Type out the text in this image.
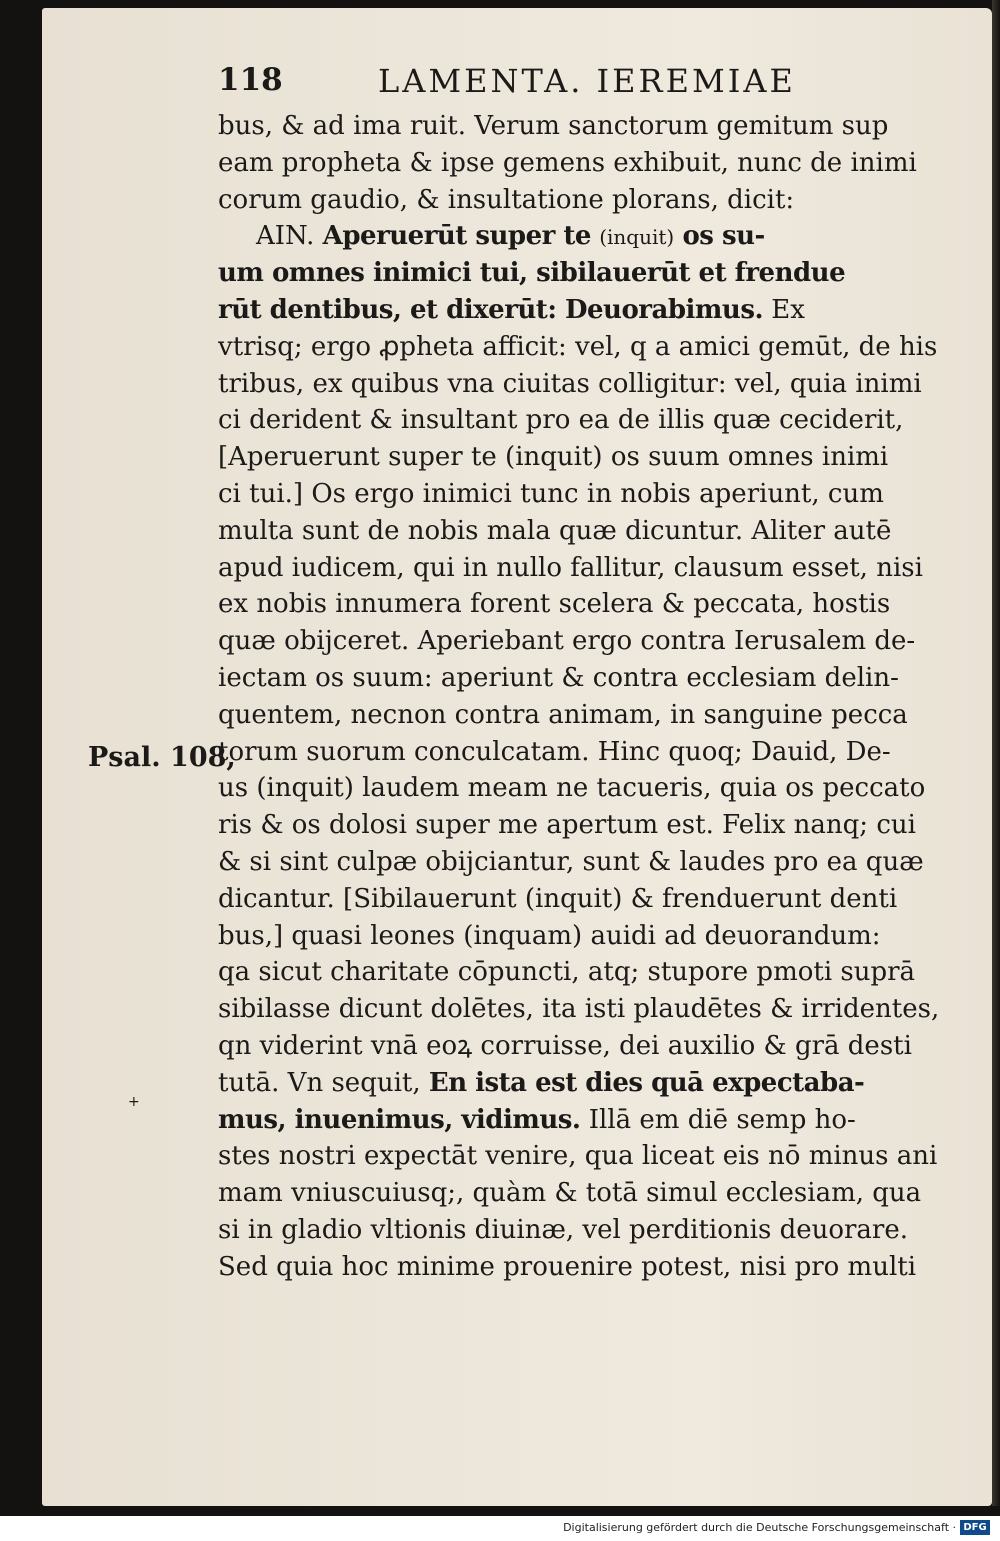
118	LAMENTA. IEREMIAE
bus, & ad ima ruit. Verum sanctorum gemitum sup
eam propheta & ipse gemens exhibuit, nunc de inimi
corum gaudio, & insultatione plorans, dicit:
AIN. Aperuerūt super te (inquit) os su-
um omnes inimici tui, sibilauerūt et frendue
rūt dentibus, et dixerūt: Deuorabimus. Ex
vtrisq; ergo ꝓpheta afficit: vel, q a amici gemūt, de his
tribus, ex quibus vna ciuitas colligitur: vel, quia inimi
ci derident & insultant pro ea de illis quæ ceciderit,
[Aperuerunt super te (inquit) os suum omnes inimi
ci tui.] Os ergo inimici tunc in nobis aperiunt, cum
multa sunt de nobis mala quæ dicuntur. Aliter autē
apud iudicem, qui in nullo fallitur, clausum esset, nisi
ex nobis innumera forent scelera & peccata, hostis
quæ obijceret. Aperiebant ergo contra Ierusalem de-
iectam os suum: aperiunt & contra ecclesiam delin-
quentem, necnon contra animam, in sanguine pecca
torum suorum conculcatam. Hinc quoq; Dauid, De-
us (inquit) laudem meam ne tacueris, quia os peccato
ris & os dolosi super me apertum est. Felix nanq; cui
& si sint culpæ obijciantur, sunt & laudes pro ea quæ
dicantur. [Sibilauerunt (inquit) & frenduerunt denti
bus,] quasi leones (inquam) auidi ad deuorandum:
qa sicut charitate cōpuncti, atq; stupore pmoti suprā
sibilasse dicunt dolētes, ita isti plaudētes & irridentes,
qn viderint vnā eoꝝ corruisse, dei auxilio & grā desti
tutā. Vn sequit, En ista est dies quā expectaba-
mus, inuenimus, vidimus. Illā em diē semp ho-
stes nostri expectāt venire, qua liceat eis nō minus ani
mam vniuscuiusq;, quàm & totā simul ecclesiam, qua
si in gladio vltionis diuinæ, vel perditionis deuorare.
Sed quia hoc minime prouenire potest, nisi pro multi
Psal. 108,
+
Digitalisierung gefördert durch die Deutsche Forschungsgemeinschaft · DFG
